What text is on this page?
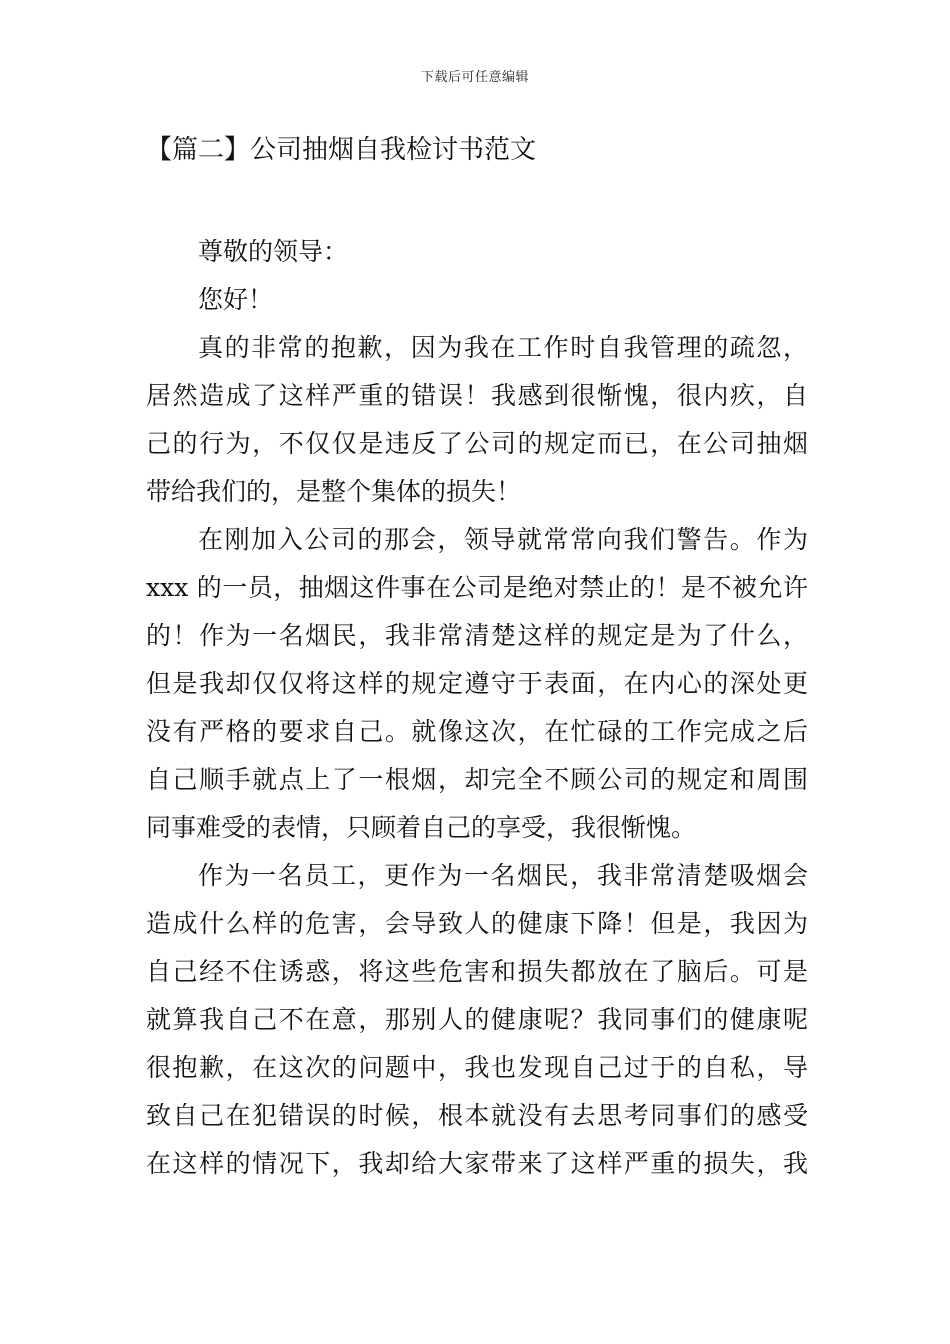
下载后可任意编辑
【篇二】公司抽烟自我检讨书范文
尊敬的领导：
您好！
真的非常的抱歉，因为我在工作时自我管理的疏忽，
居然造成了这样严重的错误！我感到很惭愧，很内疚，自
己的行为，不仅仅是违反了公司的规定而已，在公司抽烟
带给我们的，是整个集体的损失！
在刚加入公司的那会，领导就常常向我们警告。作为
xxx 的一员，抽烟这件事在公司是绝对禁止的！是不被允许
的！作为一名烟民，我非常清楚这样的规定是为了什么，
但是我却仅仅将这样的规定遵守于表面，在内心的深处更
没有严格的要求自己。就像这次，在忙碌的工作完成之后
自己顺手就点上了一根烟，却完全不顾公司的规定和周围
同事难受的表情，只顾着自己的享受，我很惭愧。
作为一名员工，更作为一名烟民，我非常清楚吸烟会
造成什么样的危害，会导致人的健康下降！但是，我因为
自己经不住诱惑，将这些危害和损失都放在了脑后。可是
就算我自己不在意，那别人的健康呢？我同事们的健康呢
很抱歉，在这次的问题中，我也发现自己过于的自私，导
致自己在犯错误的时候，根本就没有去思考同事们的感受
在这样的情况下，我却给大家带来了这样严重的损失，我
